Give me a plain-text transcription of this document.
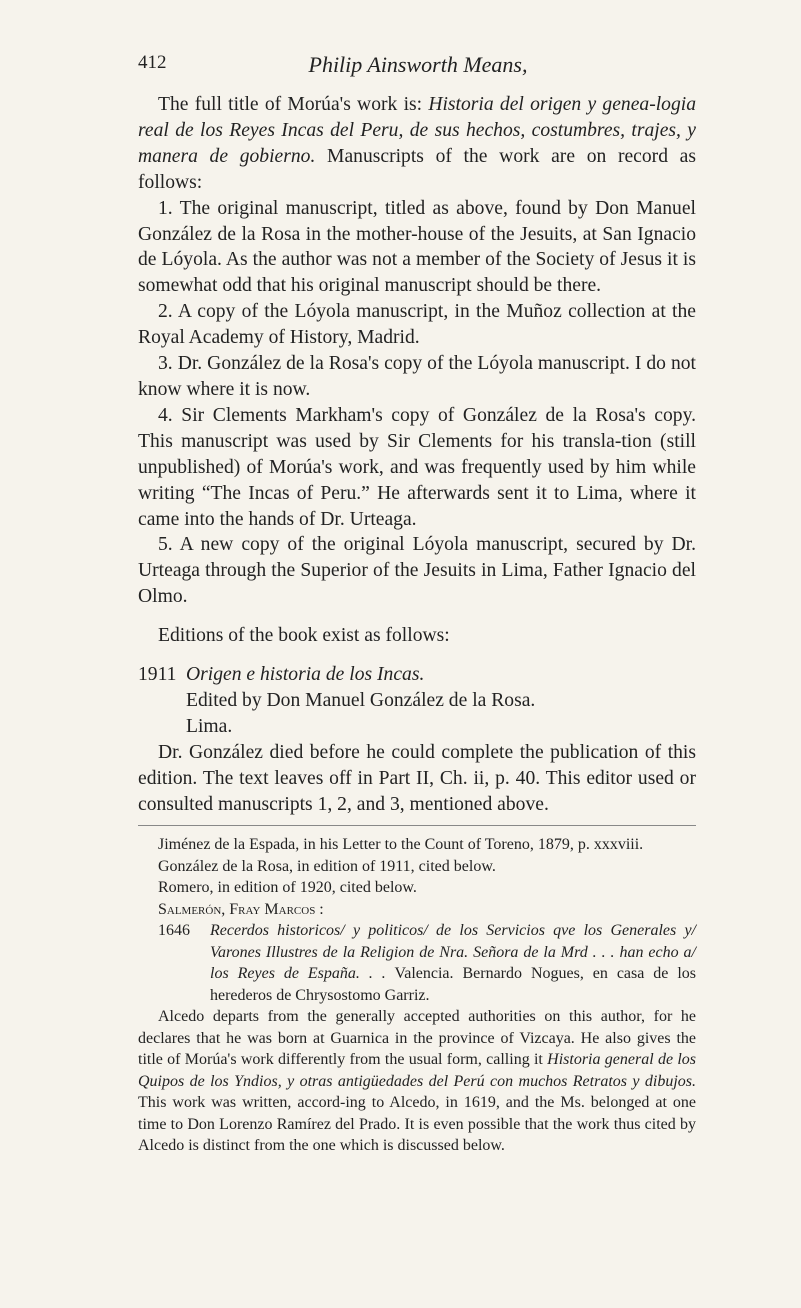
412	Philip Ainsworth Means,

The full title of Morúa's work is: Historia del origen y genea-logia real de los Reyes Incas del Peru, de sus hechos, costumbres, trajes, y manera de gobierno. Manuscripts of the work are on record as follows:

1. The original manuscript, titled as above, found by Don Manuel González de la Rosa in the mother-house of the Jesuits, at San Ignacio de Lóyola. As the author was not a member of the Society of Jesus it is somewhat odd that his original manuscript should be there.

2. A copy of the Lóyola manuscript, in the Muñoz collection at the Royal Academy of History, Madrid.

3. Dr. González de la Rosa's copy of the Lóyola manuscript. I do not know where it is now.

4. Sir Clements Markham's copy of González de la Rosa's copy. This manuscript was used by Sir Clements for his transla-tion (still unpublished) of Morúa's work, and was frequently used by him while writing “The Incas of Peru.” He afterwards sent it to Lima, where it came into the hands of Dr. Urteaga.

5. A new copy of the original Lóyola manuscript, secured by Dr. Urteaga through the Superior of the Jesuits in Lima, Father Ignacio del Olmo.

Editions of the book exist as follows:

1911 Origen e historia de los Incas.
Edited by Don Manuel González de la Rosa.
Lima.

Dr. González died before he could complete the publication of this edition. The text leaves off in Part II, Ch. ii, p. 40. This editor used or consulted manuscripts 1, 2, and 3, mentioned above.

Jiménez de la Espada, in his Letter to the Count of Toreno, 1879, p. xxxviii.

González de la Rosa, in edition of 1911, cited below.

Romero, in edition of 1920, cited below.

Salmerón, Fray Marcos :

1646	Recerdos historicos/ y politicos/ de los Servicios qve los Generales y/ Varones Illustres de la Religion de Nra. Señora de la Mrd . . . han echo a/ los Reyes de España. . . Valencia. Bernardo Nogues, en casa de los herederos de Chrysostomo Garriz.

Alcedo departs from the generally accepted authorities on this author, for he declares that he was born at Guarnica in the province of Vizcaya. He also gives the title of Morúa's work differently from the usual form, calling it Historia general de los Quipos de los Yndios, y otras antigüedades del Perú con muchos Retratos y dibujos. This work was written, accord-ing to Alcedo, in 1619, and the Ms. belonged at one time to Don Lorenzo Ramírez del Prado. It is even possible that the work thus cited by Alcedo is distinct from the one which is discussed below.
